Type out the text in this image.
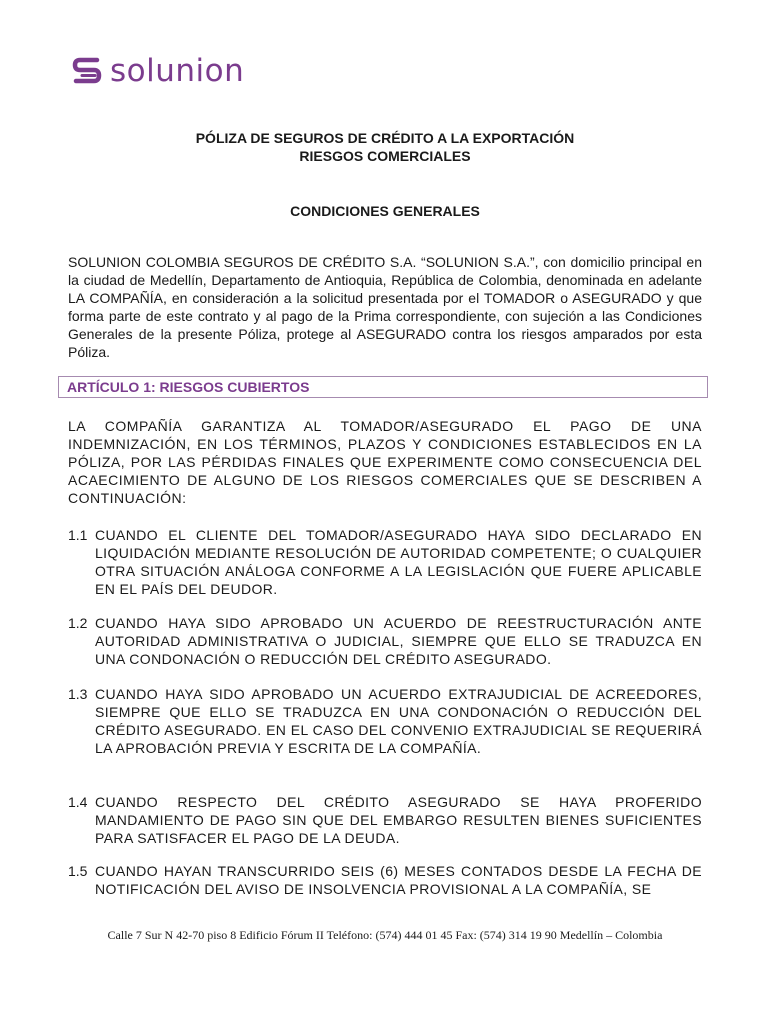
solunion
PÓLIZA DE SEGUROS DE CRÉDITO A LA EXPORTACIÓN
RIESGOS COMERCIALES
CONDICIONES GENERALES

SOLUNION COLOMBIA SEGUROS DE CRÉDITO S.A. “SOLUNION S.A.”, con domicilio principal en la ciudad de Medellín, Departamento de Antioquia, República de Colombia, denominada en adelante LA COMPAÑÍA, en consideración a la solicitud presentada por el TOMADOR o ASEGURADO y que forma parte de este contrato y al pago de la Prima correspondiente, con sujeción a las Condiciones Generales de la presente Póliza, protege al ASEGURADO contra los riesgos amparados por esta Póliza.

ARTÍCULO 1: RIESGOS CUBIERTOS

LA COMPAÑÍA GARANTIZA AL TOMADOR/ASEGURADO EL PAGO DE UNA INDEMNIZACIÓN, EN LOS TÉRMINOS, PLAZOS Y CONDICIONES ESTABLECIDOS EN LA PÓLIZA, POR LAS PÉRDIDAS FINALES QUE EXPERIMENTE COMO CONSECUENCIA DEL ACAECIMIENTO DE ALGUNO DE LOS RIESGOS COMERCIALES QUE SE DESCRIBEN A CONTINUACIÓN:

1.1 CUANDO EL CLIENTE DEL TOMADOR/ASEGURADO HAYA SIDO DECLARADO EN LIQUIDACIÓN MEDIANTE RESOLUCIÓN DE AUTORIDAD COMPETENTE; O CUALQUIER OTRA SITUACIÓN ANÁLOGA CONFORME A LA LEGISLACIÓN QUE FUERE APLICABLE EN EL PAÍS DEL DEUDOR.

1.2 CUANDO HAYA SIDO APROBADO UN ACUERDO DE REESTRUCTURACIÓN ANTE AUTORIDAD ADMINISTRATIVA O JUDICIAL, SIEMPRE QUE ELLO SE TRADUZCA EN UNA CONDONACIÓN O REDUCCIÓN DEL CRÉDITO ASEGURADO.

1.3 CUANDO HAYA SIDO APROBADO UN ACUERDO EXTRAJUDICIAL DE ACREEDORES, SIEMPRE QUE ELLO SE TRADUZCA EN UNA CONDONACIÓN O REDUCCIÓN DEL CRÉDITO ASEGURADO. EN EL CASO DEL CONVENIO EXTRAJUDICIAL SE REQUERIRÁ LA APROBACIÓN PREVIA Y ESCRITA DE LA COMPAÑÍA.

1.4 CUANDO RESPECTO DEL CRÉDITO ASEGURADO SE HAYA PROFERIDO MANDAMIENTO DE PAGO SIN QUE DEL EMBARGO RESULTEN BIENES SUFICIENTES PARA SATISFACER EL PAGO DE LA DEUDA.

1.5 CUANDO HAYAN TRANSCURRIDO SEIS (6) MESES CONTADOS DESDE LA FECHA DE NOTIFICACIÓN DEL AVISO DE INSOLVENCIA PROVISIONAL A LA COMPAÑÍA, SE

Calle 7 Sur N 42-70 piso 8 Edificio Fórum II Teléfono: (574) 444 01 45 Fax: (574) 314 19 90 Medellín – Colombia
